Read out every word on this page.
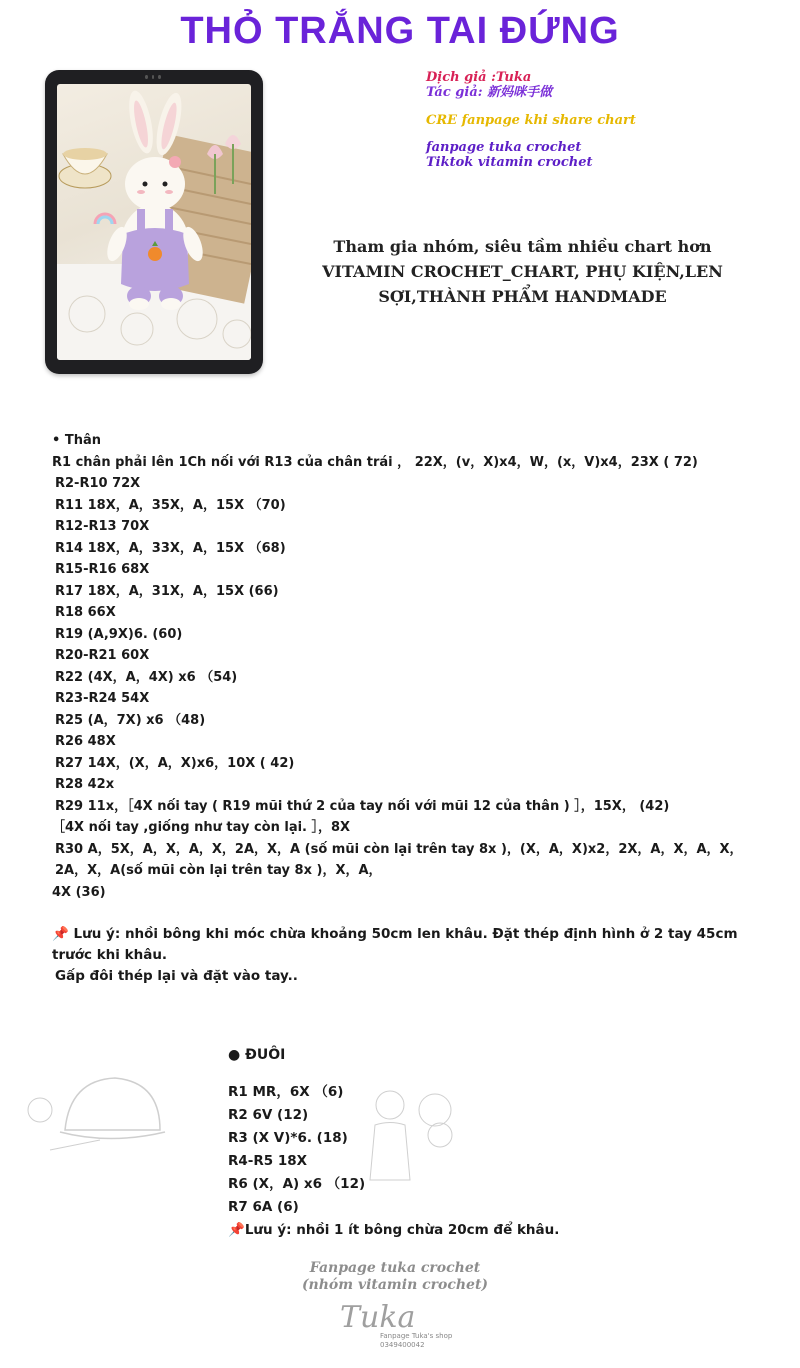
THỎ TRẮNG TAI ĐỨNG
Dịch giả :Tuka
Tác giả: 新妈咪手做
CRE fanpage khi share chart
fanpage tuka crochet
Tiktok vitamin crochet
Tham gia nhóm, siêu tầm nhiều chart hơn VITAMIN CROCHET_CHART, PHỤ KIỆN,LEN SỢI,THÀNH PHẨM HANDMADE
• Thân
R1 chân phải lên 1Ch nối với R13 của chân trái ， 22X，(v，X)x4，W，(x，V)x4，23X ( 72)
R2-R10 72X
R11 18X，A，35X，A，15X （70)
R12-R13 70X
R14 18X，A，33X，A，15X （68)
R15-R16 68X
R17 18X，A，31X，A，15X (66)
R18 66X
R19 (A,9X)6. (60)
R20-R21 60X
R22 (4X，A，4X) x6 （54)
R23-R24 54X
R25 (A，7X) x6 （48)
R26 48X
R27 14X，(X，A，X)x6，10X ( 42)
R28 42x
R29 11x，［4X nối tay ( R19 mũi thứ 2 của tay nối với mũi 12 của thân ) ］，15X， (42)
［4X nối tay ,giống như tay còn lại. ］，8X
R30 A，5X，A，X，A，X，2A，X，A (số mũi còn lại trên tay 8x )，(X，A，X)x2，2X，A，X，A，X，2A，X，A(số mũi còn lại trên tay 8x )，X，A，
4X (36)
📌 Lưu ý: nhồi bông khi móc chừa khoảng 50cm len khâu. Đặt thép định hình ở 2 tay 45cm trước khi khâu.
Gấp đôi thép lại và đặt vào tay..
● ĐUÔI
R1 MR，6X （6)
R2 6V (12)
R3 (X V)*6. (18)
R4-R5 18X
R6 (X，A) x6 （12)
R7 6A (6)
📌Lưu ý: nhồi 1 ít bông chừa 20cm để khâu.
Fanpage tuka crochet
(nhóm vitamin crochet)
Tuka
Fanpage Tuka's shop
0349400042
